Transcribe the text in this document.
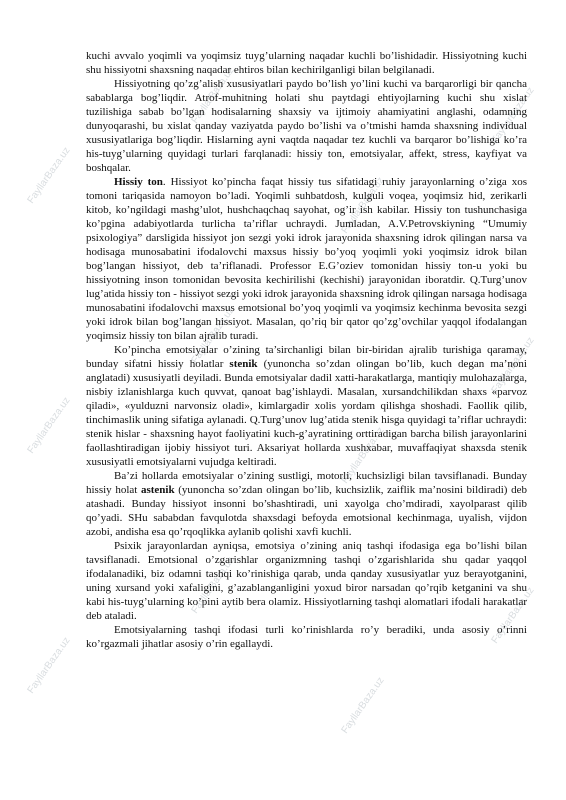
FayllarBaza.uz
FayllarBaza.uz
FayllarBaza.uz
FayllarBaza.uz
FayllarBaza.uz
FayllarBaza.uz
FayllarBaza.uz
FayllarBaza.uz
FayllarBaza.uz
FayllarBaza.uz
FayllarBaza.uz
FayllarBaza.uz

kuchi avvalo yoqimli va yoqimsiz tuyg’ularning naqadar kuchli bo’lishidadir. Hissiyotning kuchi shu hissiyotni shaxsning naqadar ehtiros bilan kechirilganligi bilan belgilanadi.

Hissiyotning qo’zg’alish xususiyatlari paydo bo’lish yo’lini kuchi va barqarorligi bir qancha sabablarga bog’liqdir. Atrof-muhitning holati shu paytdagi ehtiyojlarning kuchi shu xislat tuzilishiga sabab bo’lgan hodisalarning shaxsiy va ijtimoiy ahamiyatini anglashi, odamning dunyoqarashi, bu xislat qanday vaziyatda paydo bo’lishi va o’tmishi hamda shaxsning individual xususiyatlariga bog’liqdir. Hislarning ayni vaqtda naqadar tez kuchli va barqaror bo’lishiga ko’ra his-tuyg’ularning quyidagi turlari farqlanadi: hissiy ton, emotsiyalar, affekt, stress, kayfiyat va boshqalar.

Hissiy ton. Hissiyot ko’pincha faqat hissiy tus sifatidagi ruhiy jarayonlarning o’ziga xos tomoni tariqasida namoyon bo’ladi. Yoqimli suhbatdosh, kulguli voqea, yoqimsiz hid, zerikarli kitob, ko’ngildagi mashg’ulot, hushchaqchaq sayohat, og’ir ish kabilar. Hissiy ton tushunchasiga ko’pgina adabiyotlarda turlicha ta’riflar uchraydi. Jumladan, A.V.Petrovskiyning “Umumiy psixologiya” darsligida hissiyot jon sezgi yoki idrok jarayonida shaxsning idrok qilingan narsa va hodisaga munosabatini ifodalovchi maxsus hissiy bo’yoq yoqimli yoki yoqimsiz idrok bilan bog’langan hissiyot, deb ta’riflanadi. Professor E.G’oziev tomonidan hissiy ton-u yoki bu hissiyotning inson tomonidan bevosita kechirilishi (kechishi) jarayonidan iboratdir. Q.Turg’unov lug’atida hissiy ton - hissiyot sezgi yoki idrok jarayonida shaxsning idrok qilingan narsaga hodisaga munosabatini ifodalovchi maxsus emotsional bo’yoq yoqimli va yoqimsiz kechinma bevosita sezgi yoki idrok bilan bog’langan hissiyot. Masalan, qo’riq bir qator qo’zg’ovchilar yaqqol ifodalangan yoqimsiz hissiy ton bilan ajralib turadi.

Ko’pincha emotsiyalar o’zining ta’sirchanligi bilan bir-biridan ajralib turishiga qaramay, bunday sifatni hissiy holatlar stenik (yunoncha so’zdan olingan bo’lib, kuch degan ma’noni anglatadi) xususiyatli deyiladi. Bunda emotsiyalar dadil xatti-harakatlarga, mantiqiy mulohazalarga, nisbiy izlanishlarga kuch quvvat, qanoat bag’ishlaydi. Masalan, xursandchilikdan shaxs «parvoz qiladi», «yulduzni narvonsiz oladi», kimlargadir xolis yordam qilishga shoshadi. Faollik qilib, tinchimaslik uning sifatiga aylanadi. Q.Turg’unov lug’atida stenik hisga quyidagi ta’riflar uchraydi: stenik hislar - shaxsning hayot faoliyatini kuch-g’ayratining orttiradigan barcha bilish jarayonlarini faollashtiradigan ijobiy hissiyot turi. Aksariyat hollarda xushxabar, muvaffaqiyat shaxsda stenik xususiyatli emotsiyalarni vujudga keltiradi.

Ba’zi hollarda emotsiyalar o’zining sustligi, motorli, kuchsizligi bilan tavsiflanadi. Bunday hissiy holat astenik (yunoncha so’zdan olingan bo’lib, kuchsizlik, zaiflik ma’nosini bildiradi) deb atashadi. Bunday hissiyot insonni bo’shashtiradi, uni xayolga cho’mdiradi, xayolparast qilib qo’yadi. SHu sababdan favqulotda shaxsdagi befoyda emotsional kechinmaga, uyalish, vijdon azobi, andisha esa qo’rqoqlikka aylanib qolishi xavfi kuchli.

Psixik jarayonlardan ayniqsa, emotsiya o’zining aniq tashqi ifodasiga ega bo’lishi bilan tavsiflanadi. Emotsional o’zgarishlar organizmning tashqi o’zgarishlarida shu qadar yaqqol ifodalanadiki, biz odamni tashqi ko’rinishiga qarab, unda qanday xususiyatlar yuz berayotganini, uning xursand yoki xafaligini, g’azablanganligini yoxud biror narsadan qo’rqib ketganini va shu kabi his-tuyg’ularning ko’pini aytib bera olamiz. Hissiyotlarning tashqi alomatlari ifodali harakatlar deb ataladi.

Emotsiyalarning tashqi ifodasi turli ko’rinishlarda ro’y beradiki, unda asosiy o’rinni ko’rgazmali jihatlar asosiy o’rin egallaydi.
